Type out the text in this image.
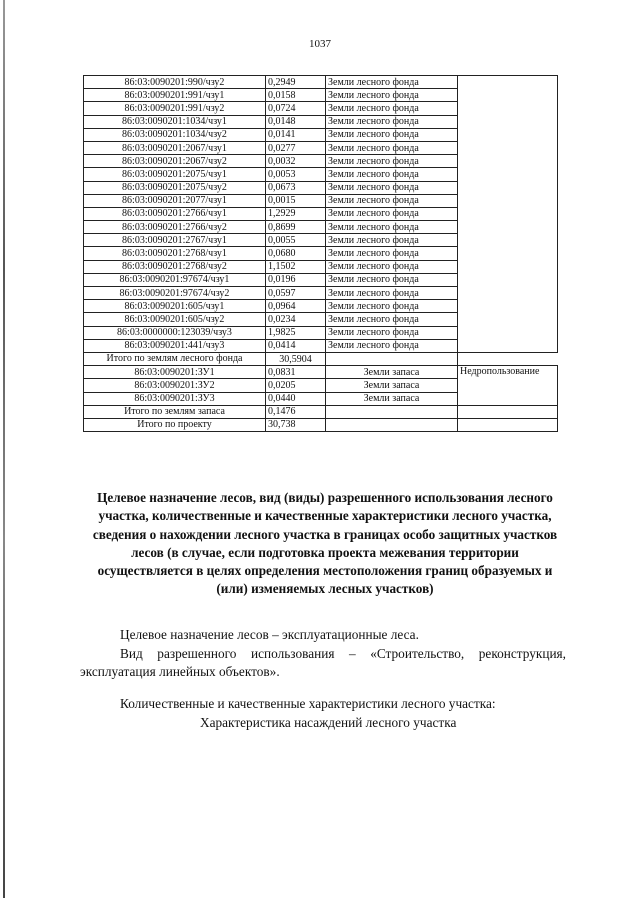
1037
86:03:0090201:990/чзу2	0,2949	Земли лесного фонда	
86:03:0090201:991/чзу1	0,0158	Земли лесного фонда	
86:03:0090201:991/чзу2	0,0724	Земли лесного фонда	
86:03:0090201:1034/чзу1	0,0148	Земли лесного фонда	
86:03:0090201:1034/чзу2	0,0141	Земли лесного фонда	
86:03:0090201:2067/чзу1	0,0277	Земли лесного фонда	
86:03:0090201:2067/чзу2	0,0032	Земли лесного фонда	
86:03:0090201:2075/чзу1	0,0053	Земли лесного фонда	
86:03:0090201:2075/чзу2	0,0673	Земли лесного фонда	
86:03:0090201:2077/чзу1	0,0015	Земли лесного фонда	
86:03:0090201:2766/чзу1	1,2929	Земли лесного фонда	
86:03:0090201:2766/чзу2	0,8699	Земли лесного фонда	
86:03:0090201:2767/чзу1	0,0055	Земли лесного фонда	
86:03:0090201:2768/чзу1	0,0680	Земли лесного фонда	
86:03:0090201:2768/чзу2	1,1502	Земли лесного фонда	
86:03:0090201:97674/чзу1	0,0196	Земли лесного фонда	
86:03:0090201:97674/чзу2	0,0597	Земли лесного фонда	
86:03:0090201:605/чзу1	0,0964	Земли лесного фонда	
86:03:0090201:605/чзу2	0,0234	Земли лесного фонда	
86:03:0000000:123039/чзу3	1,9825	Земли лесного фонда	
86:03:0090201:441/чзу3	0,0414	Земли лесного фонда	
Итого по землям лесного фонда	30,5904		
86:03:0090201:ЗУ1	0,0831	Земли запаса	Недропользование
86:03:0090201:ЗУ2	0,0205	Земли запаса	
86:03:0090201:ЗУ3	0,0440	Земли запаса	
Итого по землям запаса	0,1476		
Итого по проекту	30,738		
Целевое назначение лесов, вид (виды) разрешенного использования лесного участка, количественные и качественные характеристики лесного участка, сведения о нахождении лесного участка в границах особо защитных участков лесов (в случае, если подготовка проекта межевания территории осуществляется в целях определения местоположения границ образуемых и (или) изменяемых лесных участков)
Целевое назначение лесов – эксплуатационные леса.
Вид разрешенного использования – «Строительство, реконструкция, эксплуатация линейных объектов».
Количественные и качественные характеристики лесного участка:
Характеристика насаждений лесного участка
